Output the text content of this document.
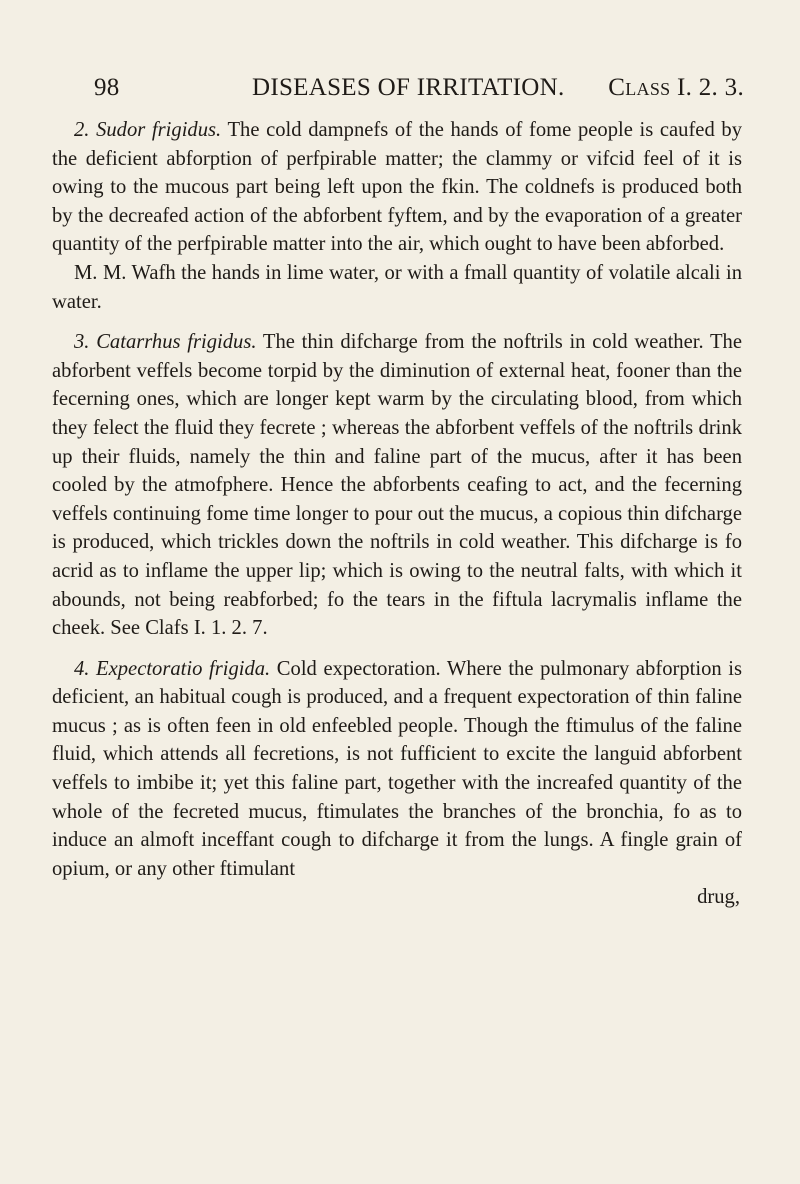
98	DISEASES OF IRRITATION. Class I. 2. 3.

2. Sudor frigidus. The cold dampnefs of the hands of fome people is caufed by the deficient abforption of perfpirable matter; the clammy or vifcid feel of it is owing to the mucous part being left upon the fkin. The coldnefs is produced both by the decreafed action of the abforbent fyftem, and by the evaporation of a greater quantity of the perfpirable matter into the air, which ought to have been abforbed.

M. M. Wafh the hands in lime water, or with a fmall quantity of volatile alcali in water.

3. Catarrhus frigidus. The thin difcharge from the noftrils in cold weather. The abforbent veffels become torpid by the diminution of external heat, fooner than the fecerning ones, which are longer kept warm by the circulating blood, from which they felect the fluid they fecrete ; whereas the abforbent veffels of the noftrils drink up their fluids, namely the thin and faline part of the mucus, after it has been cooled by the atmofphere. Hence the abforbents ceafing to act, and the fecerning veffels continuing fome time longer to pour out the mucus, a copious thin difcharge is produced, which trickles down the noftrils in cold weather. This difcharge is fo acrid as to inflame the upper lip; which is owing to the neutral falts, with which it abounds, not being reabforbed; fo the tears in the fiftula lacrymalis inflame the cheek. See Clafs I. 1. 2. 7.

4. Expectoratio frigida. Cold expectoration. Where the pulmonary abforption is deficient, an habitual cough is produced, and a frequent expectoration of thin faline mucus ; as is often feen in old enfeebled people. Though the ftimulus of the faline fluid, which attends all fecretions, is not fufficient to excite the languid abforbent veffels to imbibe it; yet this faline part, together with the increafed quantity of the whole of the fecreted mucus, ftimulates the branches of the bronchia, fo as to induce an almoft inceffant cough to difcharge it from the lungs. A fingle grain of opium, or any other ftimulant

drug,
